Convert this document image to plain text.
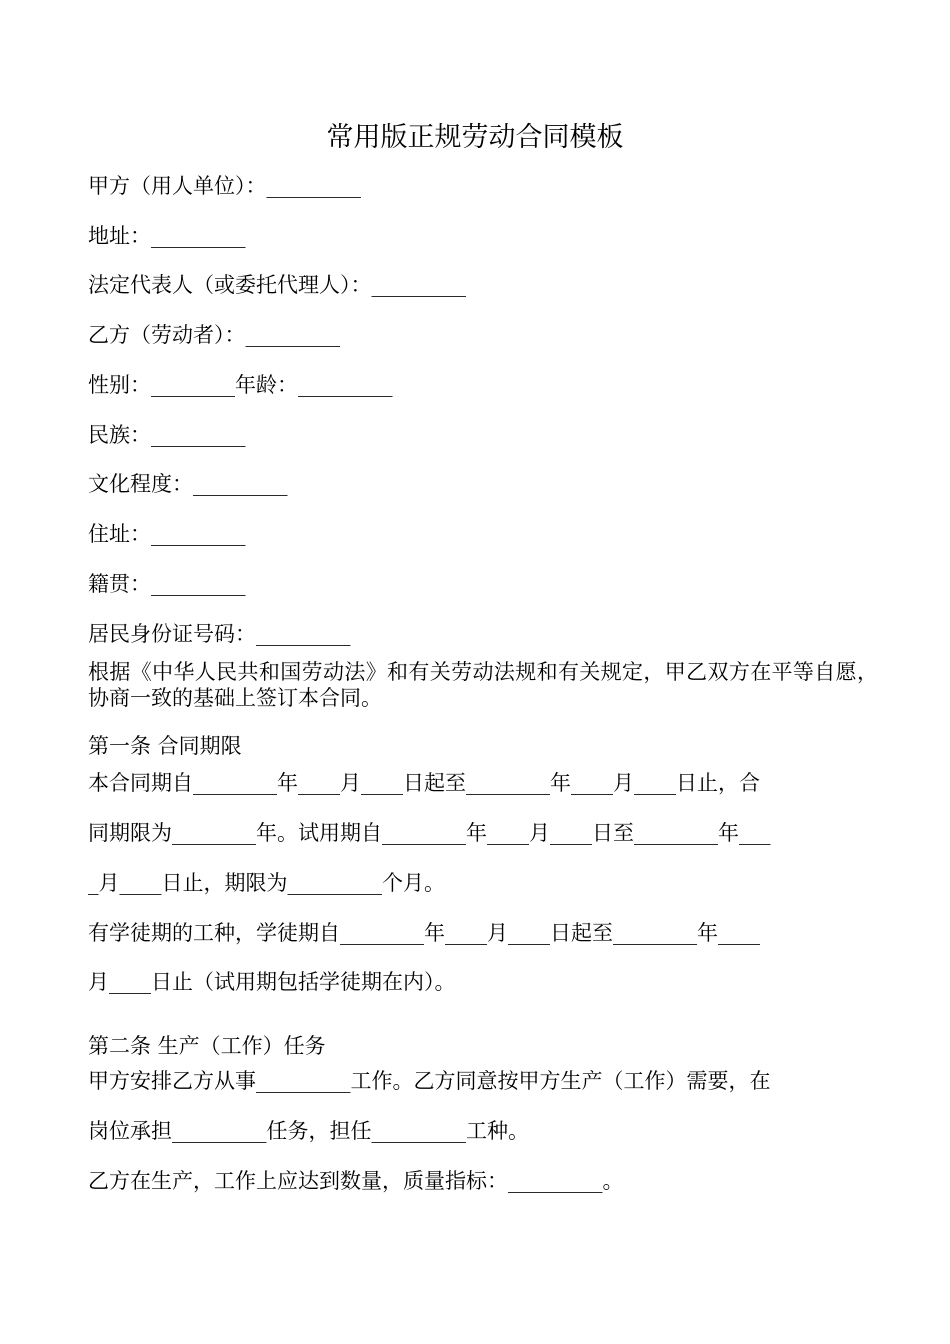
常用版正规劳动合同模板
甲方（用人单位）：_________
地址：_________
法定代表人（或委托代理人）：_________
乙方（劳动者）：_________
性别：________年龄：_________
民族：_________
文化程度：_________
住址：_________
籍贯：_________
居民身份证号码：_________
根据《中华人民共和国劳动法》和有关劳动法规和有关规定，甲乙双方在平等自愿，协商一致的基础上签订本合同。
第一条 合同期限
本合同期自________年____月____日起至________年____月____日止，合
同期限为________年。试用期自________年____月____日至________年___
_月____日止，期限为_________个月。
有学徒期的工种，学徒期自________年____月____日起至________年____
月____日止（试用期包括学徒期在内）。
第二条 生产（工作）任务
甲方安排乙方从事_________工作。乙方同意按甲方生产（工作）需要，在
岗位承担_________任务，担任_________工种。
乙方在生产，工作上应达到数量，质量指标：_________。
